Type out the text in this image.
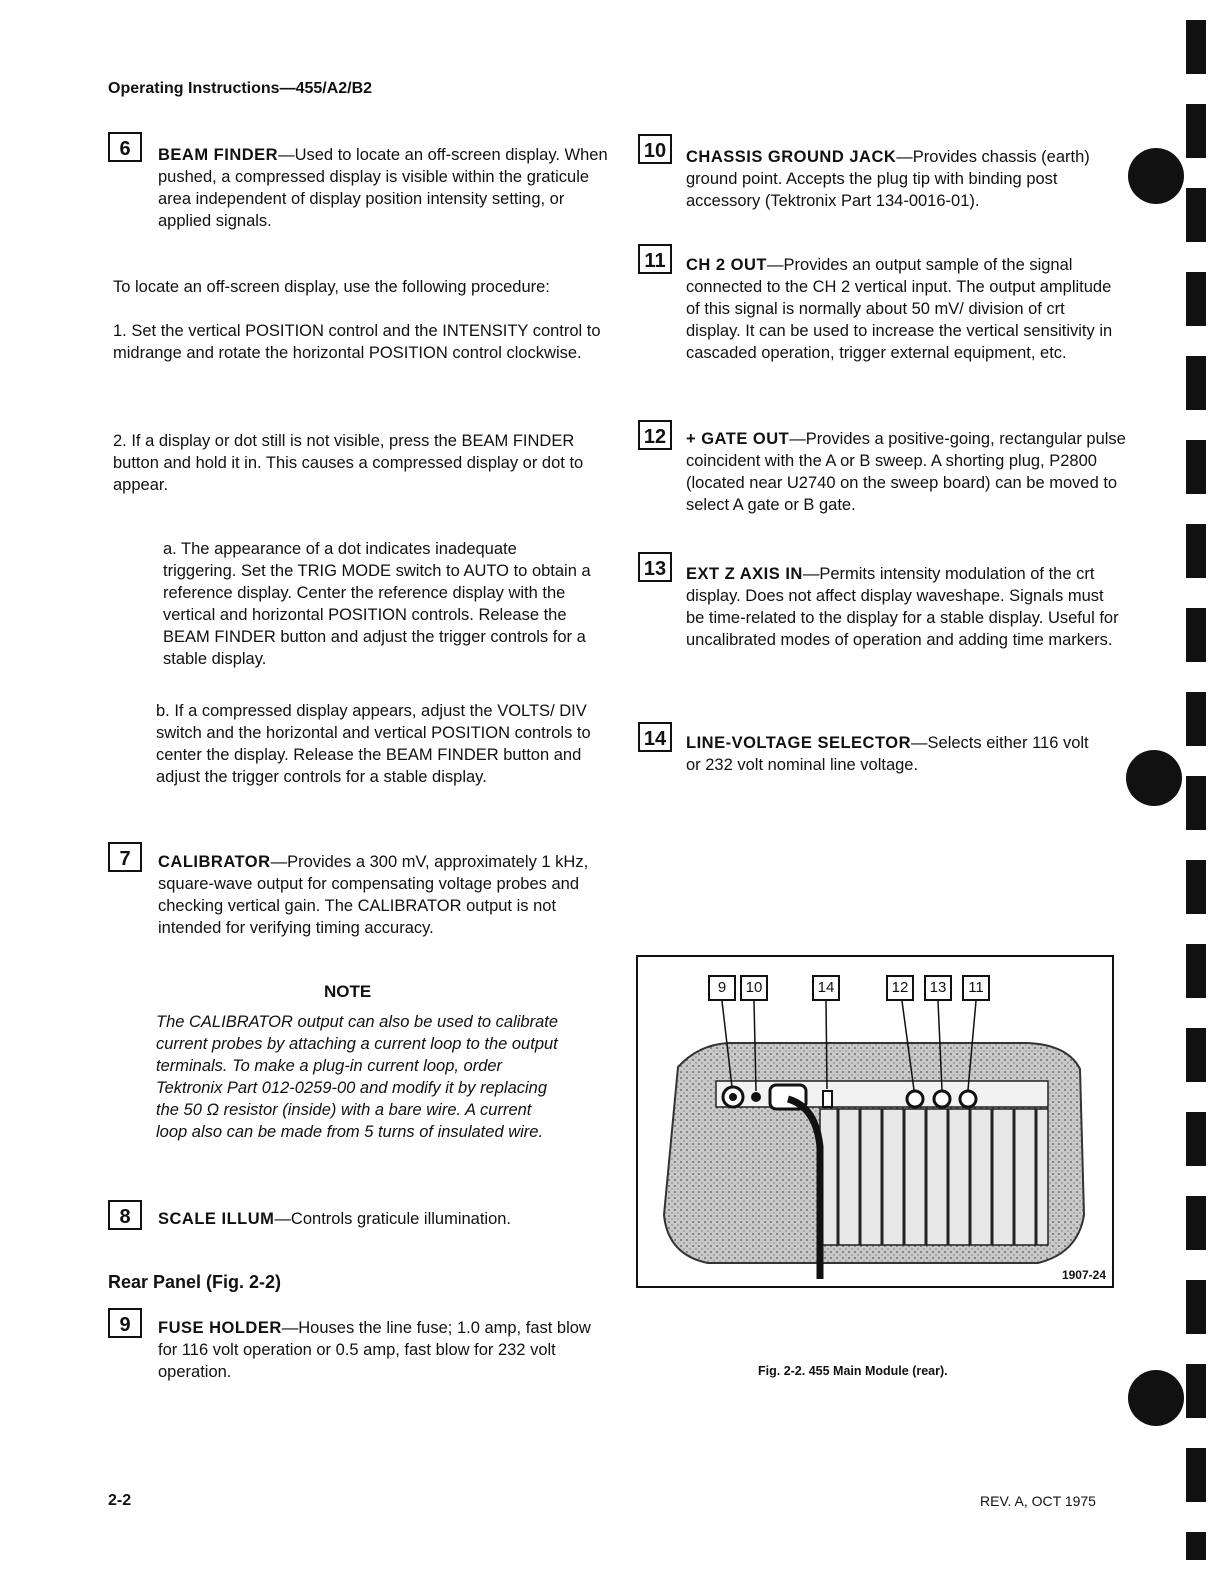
Operating Instructions—455/A2/B2
6	BEAM FINDER—Used to locate an off-screen display. When pushed, a compressed display is visible within the graticule area independent of display position intensity setting, or applied signals.
To locate an off-screen display, use the following procedure:
1. Set the vertical POSITION control and the INTENSITY control to midrange and rotate the horizontal POSITION control clockwise.
2. If a display or dot still is not visible, press the BEAM FINDER button and hold it in. This causes a compressed display or dot to appear.
a. The appearance of a dot indicates inadequate triggering. Set the TRIG MODE switch to AUTO to obtain a reference display. Center the reference display with the vertical and horizontal POSITION controls. Release the BEAM FINDER button and adjust the trigger controls for a stable display.
b. If a compressed display appears, adjust the VOLTS/ DIV switch and the horizontal and vertical POSITION controls to center the display. Release the BEAM FINDER button and adjust the trigger controls for a stable display.
7	CALIBRATOR—Provides a 300 mV, approximately 1 kHz, square-wave output for compensating voltage probes and checking vertical gain. The CALIBRATOR output is not intended for verifying timing accuracy.
NOTE
The CALIBRATOR output can also be used to calibrate current probes by attaching a current loop to the output terminals. To make a plug-in current loop, order Tektronix Part 012-0259-00 and modify it by replacing the 50 Ω resistor (inside) with a bare wire. A current loop also can be made from 5 turns of insulated wire.
8	SCALE ILLUM—Controls graticule illumination.
Rear Panel (Fig. 2-2)
9	FUSE HOLDER—Houses the line fuse; 1.0 amp, fast blow for 116 volt operation or 0.5 amp, fast blow for 232 volt operation.
10	CHASSIS GROUND JACK—Provides chassis (earth) ground point. Accepts the plug tip with binding post accessory (Tektronix Part 134-0016-01).
11	CH 2 OUT—Provides an output sample of the signal connected to the CH 2 vertical input. The output amplitude of this signal is normally about 50 mV/ division of crt display. It can be used to increase the vertical sensitivity in cascaded operation, trigger external equipment, etc.
12	+ GATE OUT—Provides a positive-going, rectangular pulse coincident with the A or B sweep. A shorting plug, P2800 (located near U2740 on the sweep board) can be moved to select A gate or B gate.
13	EXT Z AXIS IN—Permits intensity modulation of the crt display. Does not affect display waveshape. Signals must be time-related to the display for a stable display. Useful for uncalibrated modes of operation and adding time markers.
14	LINE-VOLTAGE SELECTOR—Selects either 116 volt or 232 volt nominal line voltage.
9	10	14	12	13	11
1907-24
Fig. 2-2. 455 Main Module (rear).
2-2	REV. A, OCT 1975
